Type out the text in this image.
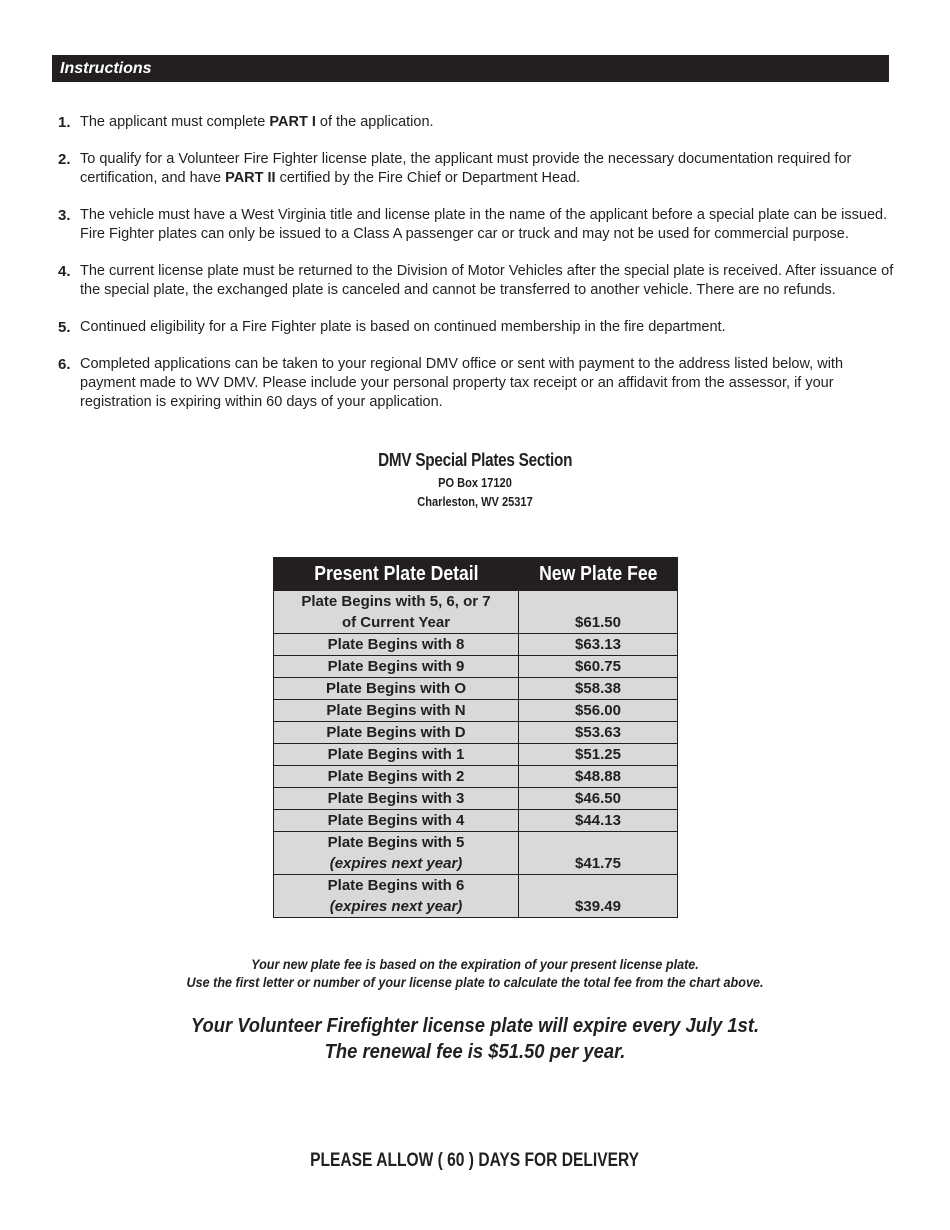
Instructions
1. The applicant must complete PART I of the application.
2. To qualify for a Volunteer Fire Fighter license plate, the applicant must provide the necessary documentation required for certification, and have PART II certified by the Fire Chief or Department Head.
3. The vehicle must have a West Virginia title and license plate in the name of the applicant before a special plate can be issued. Fire Fighter plates can only be issued to a Class A passenger car or truck and may not be used for commercial purpose.
4. The current license plate must be returned to the Division of Motor Vehicles after the special plate is received. After issuance of the special plate, the exchanged plate is canceled and cannot be transferred to another vehicle. There are no refunds.
5. Continued eligibility for a Fire Fighter plate is based on continued membership in the fire department.
6. Completed applications can be taken to your regional DMV office or sent with payment to the address listed below, with payment made to WV DMV. Please include your personal property tax receipt or an affidavit from the assessor, if your registration is expiring within 60 days of your application.
DMV Special Plates Section
PO Box 17120
Charleston, WV 25317
Present Plate Detail	New Plate Fee

Plate Begins with 5, 6, or 7
of Current Year	$61.50
Plate Begins with 8	$63.13
Plate Begins with 9	$60.75
Plate Begins with O	$58.38
Plate Begins with N	$56.00
Plate Begins with D	$53.63
Plate Begins with 1	$51.25
Plate Begins with 2	$48.88
Plate Begins with 3	$46.50
Plate Begins with 4	$44.13

Plate Begins with 5
(expires next year)	$41.75

Plate Begins with 6
(expires next year)	$39.49
Your new plate fee is based on the expiration of your present license plate.
Use the first letter or number of your license plate to calculate the total fee from the chart above.
Your Volunteer Firefighter license plate will expire every July 1st.
The renewal fee is $51.50 per year.
PLEASE ALLOW ( 60 ) DAYS FOR DELIVERY
